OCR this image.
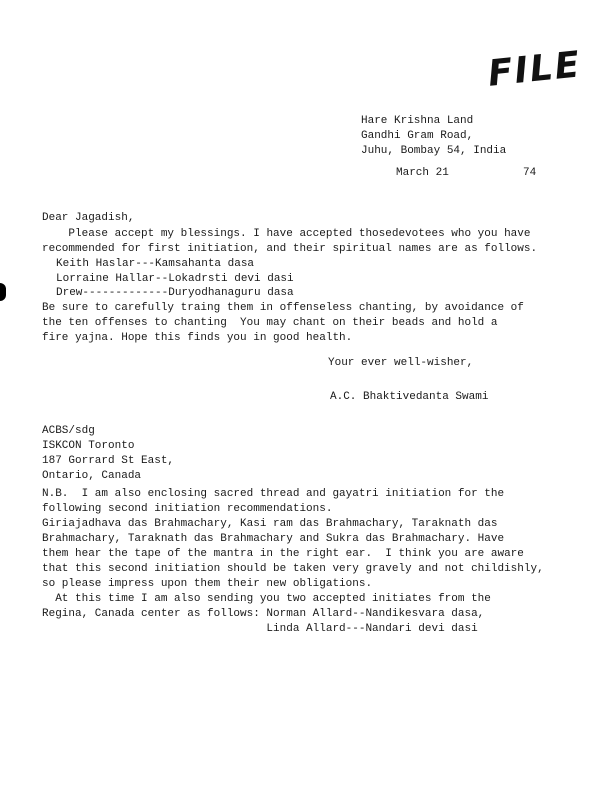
FILE
Hare Krishna Land
Gandhi Gram Road,
Juhu, Bombay 54, India
March 21	74
Dear Jagadish,
Please accept my blessings. I have accepted thosedevotees who you have
recommended for first initiation, and their spiritual names are as follows.
Keith Haslar---Kamsahanta dasa
Lorraine Hallar--Lokadrsti devi dasi
Drew-------------Duryodhanaguru dasa
Be sure to carefully traing them in offenseless chanting, by avoidance of
the ten offenses to chanting  You may chant on their beads and hold a
fire yajna. Hope this finds you in good health.
Your ever well-wisher,
A.C. Bhaktivedanta Swami
ACBS/sdg
ISKCON Toronto
187 Gorrard St East,
Ontario, Canada
N.B.  I am also enclosing sacred thread and gayatri initiation for the
following second initiation recommendations.
Giriajadhava das Brahmachary, Kasi ram das Brahmachary, Taraknath das
Brahmachary, Taraknath das Brahmachary and Sukra das Brahmachary. Have
them hear the tape of the mantra in the right ear.  I think you are aware
that this second initiation should be taken very gravely and not childishly,
so please impress upon them their new obligations.
At this time I am also sending you two accepted initiates from the
Regina, Canada center as follows: Norman Allard--Nandikesvara dasa,
Linda Allard---Nandari devi dasi
